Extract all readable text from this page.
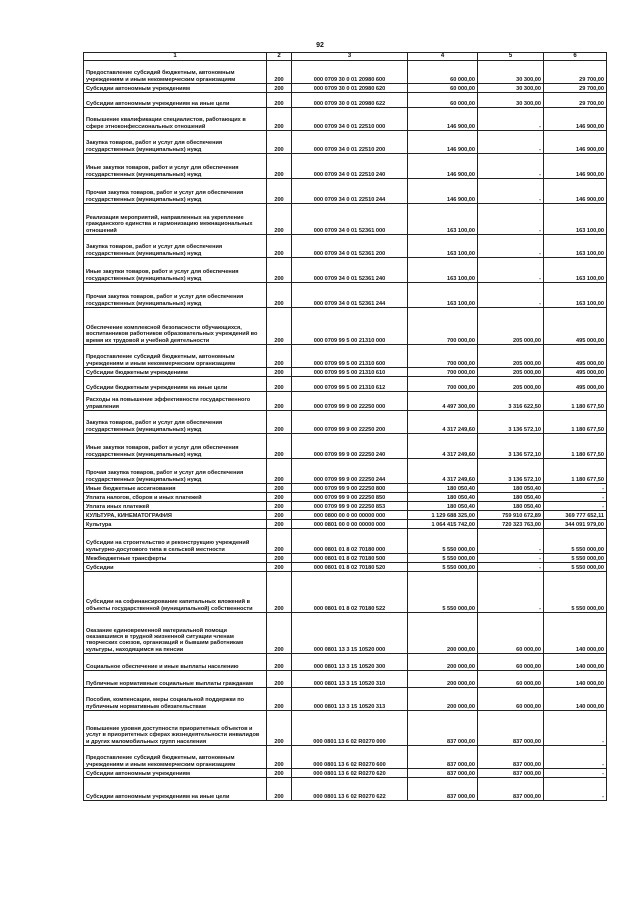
92
1	2	3	4	5	6
Предоставление субсидий бюджетным, автономным учреждениям и иным некоммерческим организациям	200	000 0709 30 0 01 20980 600	60 000,00	30 300,00	29 700,00
Субсидии автономным учреждениям	200	000 0709 30 0 01 20980 620	60 000,00	30 300,00	29 700,00
Субсидии автономным учреждениям на иные цели	200	000 0709 30 0 01 20980 622	60 000,00	30 300,00	29 700,00
Повышение квалификации специалистов, работающих в сфере этноконфессиональных отношений	200	000 0709 34 0 01 22510 000	146 900,00	-	146 900,00
Закупка товаров, работ и услуг для обеспечения государственных (муниципальных) нужд	200	000 0709 34 0 01 22510 200	146 900,00	-	146 900,00
Иные закупки товаров, работ и услуг для обеспечения государственных (муниципальных) нужд	200	000 0709 34 0 01 22510 240	146 900,00	-	146 900,00
Прочая закупка товаров, работ и услуг для обеспечения государственных (муниципальных) нужд	200	000 0709 34 0 01 22510 244	146 900,00	-	146 900,00
Реализация мероприятий, направленных на укрепление гражданского единства и гармонизацию межнациональных отношений	200	000 0709 34 0 01 52361 000	163 100,00	-	163 100,00
Закупка товаров, работ и услуг для обеспечения государственных (муниципальных) нужд	200	000 0709 34 0 01 52361 200	163 100,00	-	163 100,00
Иные закупки товаров, работ и услуг для обеспечения государственных (муниципальных) нужд	200	000 0709 34 0 01 52361 240	163 100,00	-	163 100,00
Прочая закупка товаров, работ и услуг для обеспечения государственных (муниципальных) нужд	200	000 0709 34 0 01 52361 244	163 100,00	-	163 100,00
Обеспечение комплексной безопасности обучающихся, воспитанников работников образовательных учреждений во время их трудовой и учебной деятельности	200	000 0709 99 5 00 21310 000	700 000,00	205 000,00	495 000,00
Предоставление субсидий бюджетным, автономным учреждениям и иным некоммерческим организациям	200	000 0709 99 5 00 21310 600	700 000,00	205 000,00	495 000,00
Субсидии бюджетным учреждениям	200	000 0709 99 5 00 21310 610	700 000,00	205 000,00	495 000,00
Субсидии бюджетным учреждениям на иные цели	200	000 0709 99 5 00 21310 612	700 000,00	205 000,00	495 000,00
Расходы на повышение эффективности государственного управления	200	000 0709 99 9 00 22250 000	4 497 300,00	3 316 622,50	1 180 677,50
Закупка товаров, работ и услуг для обеспечения государственных (муниципальных) нужд	200	000 0709 99 9 00 22250 200	4 317 249,60	3 136 572,10	1 180 677,50
Иные закупки товаров, работ и услуг для обеспечения государственных (муниципальных) нужд	200	000 0709 99 9 00 22250 240	4 317 249,60	3 136 572,10	1 180 677,50
Прочая закупка товаров, работ и услуг для обеспечения государственных (муниципальных) нужд	200	000 0709 99 9 00 22250 244	4 317 249,60	3 136 572,10	1 180 677,50
Иные бюджетные ассигнования	200	000 0709 99 9 00 22250 800	180 050,40	180 050,40	-
Уплата налогов, сборов и иных платежей	200	000 0709 99 9 00 22250 850	180 050,40	180 050,40	-
Уплата иных платежей	200	000 0709 99 9 00 22250 853	180 050,40	180 050,40	-
КУЛЬТУРА, КИНЕМАТОГРАФИЯ	200	000 0800 00 0 00 00000 000	1 129 688 325,00	759 910 672,89	369 777 652,11
Культура	200	000 0801 00 0 00 00000 000	1 064 415 742,00	720 323 763,00	344 091 979,00
Субсидии на строительство и реконструкцию учреждений культурно-досугового типа в сельской местности	200	000 0801 01 8 02 70180 000	5 550 000,00	-	5 550 000,00
Межбюджетные трансферты	200	000 0801 01 8 02 70180 500	5 550 000,00	-	5 550 000,00
Субсидии	200	000 0801 01 8 02 70180 520	5 550 000,00	-	5 550 000,00
Субсидии на софинансирование капитальных вложений в объекты государственной (муниципальной) собственности	200	000 0801 01 8 02 70180 522	5 550 000,00	-	5 550 000,00
Оказание единовременной материальной помощи оказавшимся в трудной жизненной ситуации членам творческих союзов, организаций и бывшим работникам культуры, находящимся на пенсии	200	000 0801 13 3 15 10520 000	200 000,00	60 000,00	140 000,00
Социальное обеспечение и иные выплаты населению	200	000 0801 13 3 15 10520 300	200 000,00	60 000,00	140 000,00
Публичные нормативные социальные выплаты гражданам	200	000 0801 13 3 15 10520 310	200 000,00	60 000,00	140 000,00
Пособия, компенсации, меры социальной поддержки по публичным нормативным обязательствам	200	000 0801 13 3 15 10520 313	200 000,00	60 000,00	140 000,00
Повышение уровня доступности приоритетных объектов и услуг в приоритетных сферах жизнедеятельности инвалидов и других маломобильных групп населения	200	000 0801 13 6 02 R0270 000	837 000,00	837 000,00	-
Предоставление субсидий бюджетным, автономным учреждениям и иным некоммерческим организациям	200	000 0801 13 6 02 R0270 600	837 000,00	837 000,00	-
Субсидии автономным учреждениям	200	000 0801 13 6 02 R0270 620	837 000,00	837 000,00	-
Субсидии автономным учреждениям на иные цели	200	000 0801 13 6 02 R0270 622	837 000,00	837 000,00	-
